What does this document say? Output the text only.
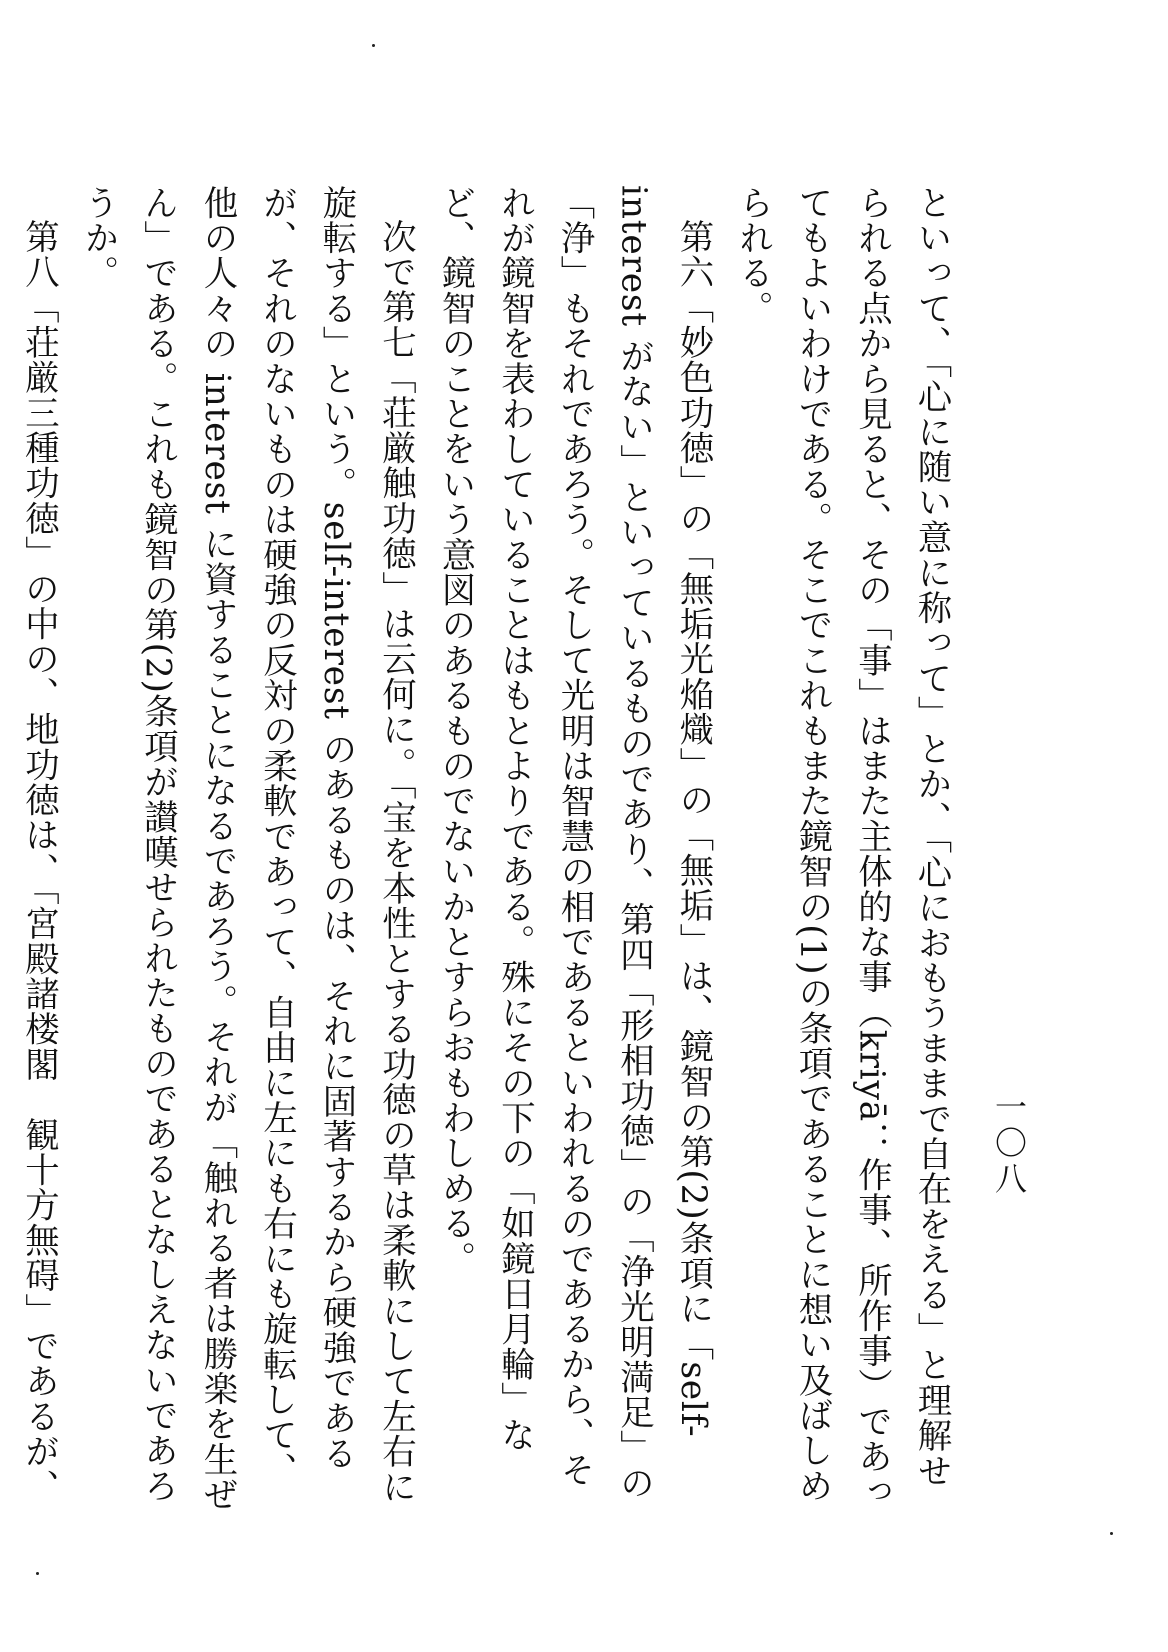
一〇八

といって、「心に随い意に称って」とか、「心におもうままで自在をえる」と理解せられる点から見ると、その「事」はまた主体的な事（kriyā：作事、所作事）であってもよいわけである。そこでこれもまた鏡智の(1)の条項であることに想い及ばしめられる。

第六「妙色功徳」の「無垢光焔熾」の「無垢」は、鏡智の第(2)条項に「self-interest がない」といっているものであり、第四「形相功徳」の「浄光明満足」の「浄」もそれであろう。そして光明は智慧の相であるといわれるのであるから、それが鏡智を表わしていることはもとよりである。殊にその下の「如鏡日月輪」など、鏡智のことをいう意図のあるものでないかとすらおもわしめる。

次で第七「荘厳触功徳」は云何に。「宝を本性とする功徳の草は柔軟にして左右に旋転する」という。self-interest のあるものは、それに固著するから硬強であるが、それのないものは硬強の反対の柔軟であって、自由に左にも右にも旋転して、他の人々の interest に資することになるであろう。それが「触れる者は勝楽を生ぜん」である。これも鏡智の第(2)条項が讃嘆せられたものであるとなしえないであろうか。

第八「荘厳三種功徳」の中の、地功徳は、「宮殿諸楼閣　観十方無碍」であるが、
